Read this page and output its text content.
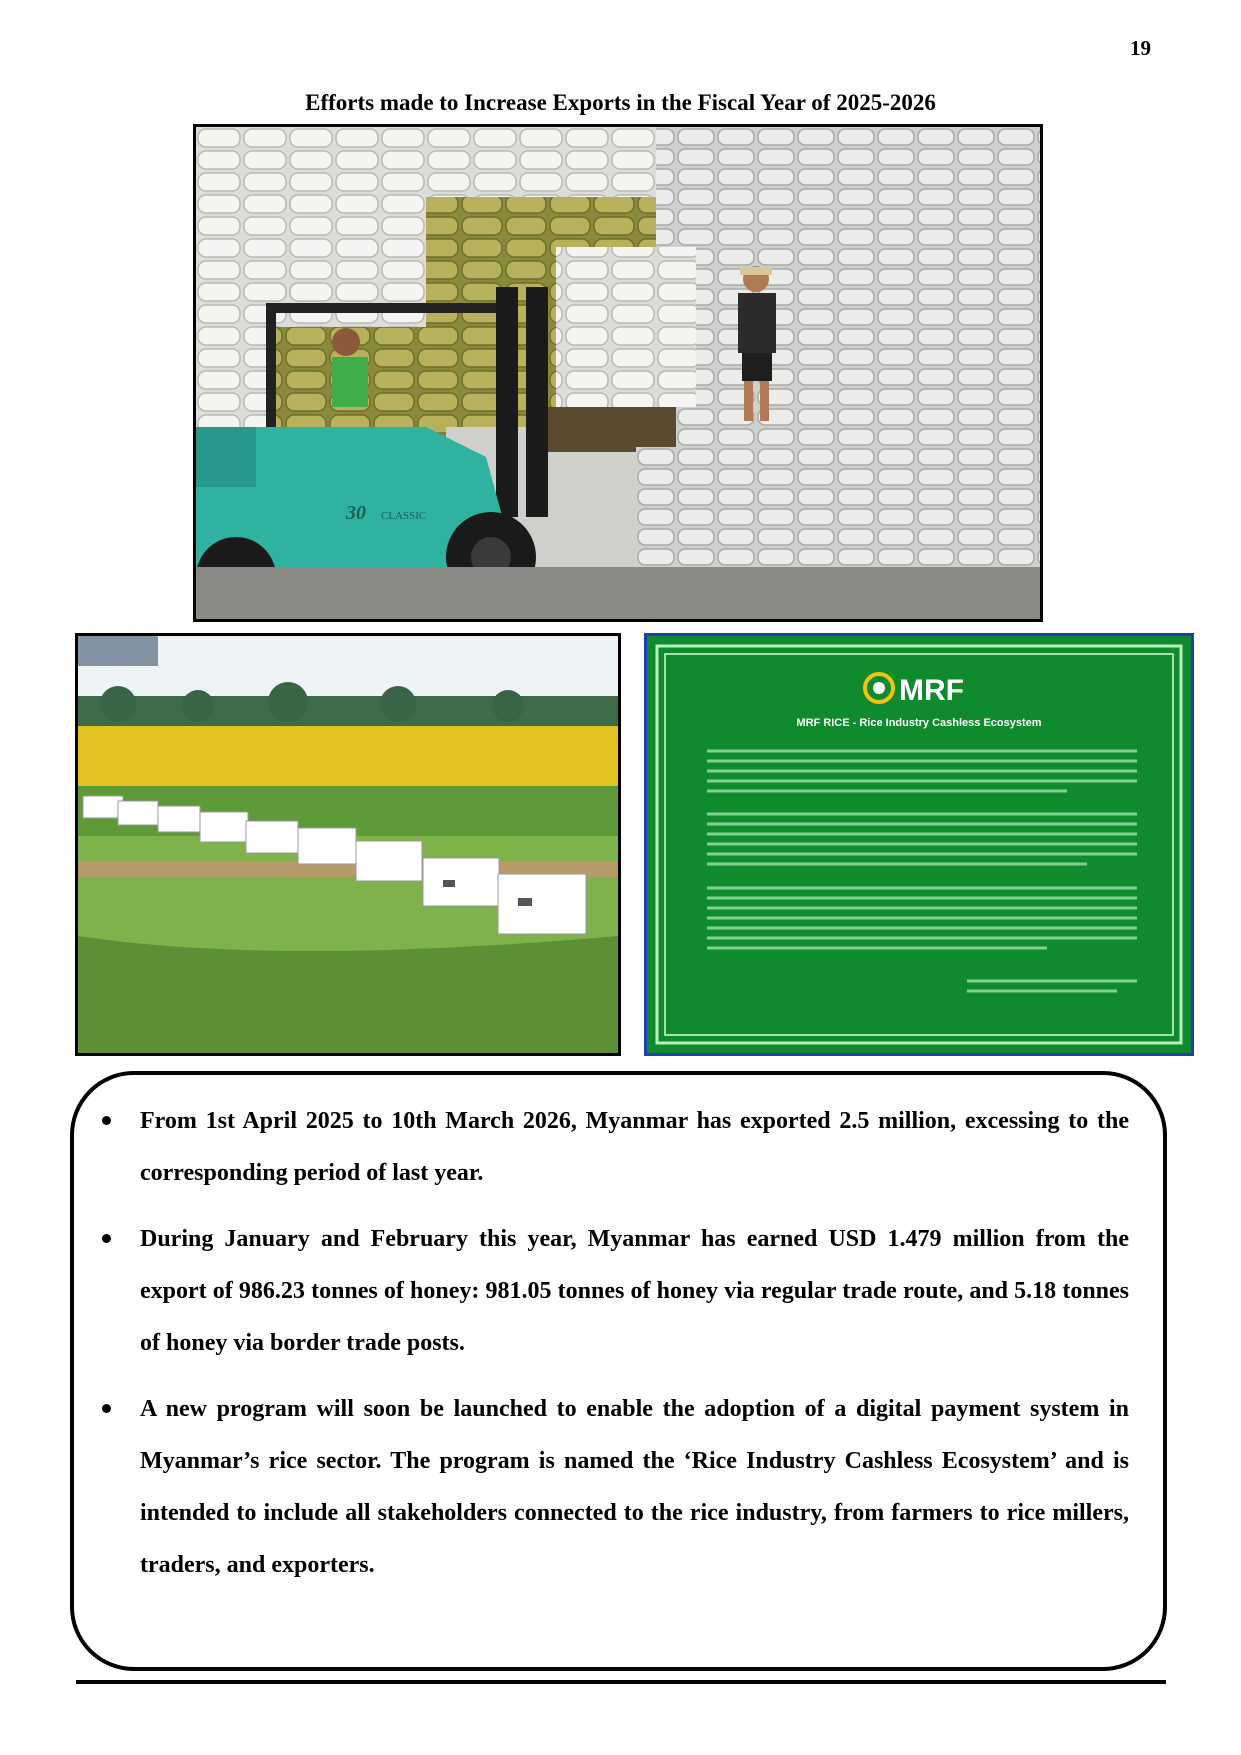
19
Efforts made to Increase Exports in the Fiscal Year of 2025-2026
30 CLASSIC
MRF
MRF RICE - Rice Industry Cashless Ecosystem
From 1st April 2025 to 10th March 2026, Myanmar has exported 2.5 million, excessing to the corresponding period of last year.
During January and February this year, Myanmar has earned USD 1.479 million from the export of 986.23 tonnes of honey: 981.05 tonnes of honey via regular trade route, and 5.18 tonnes of honey via border trade posts.
A new program will soon be launched to enable the adoption of a digital payment system in Myanmar’s rice sector. The program is named the ‘Rice Industry Cashless Ecosystem’ and is intended to include all stakeholders connected to the rice industry, from farmers to rice millers, traders, and exporters.
